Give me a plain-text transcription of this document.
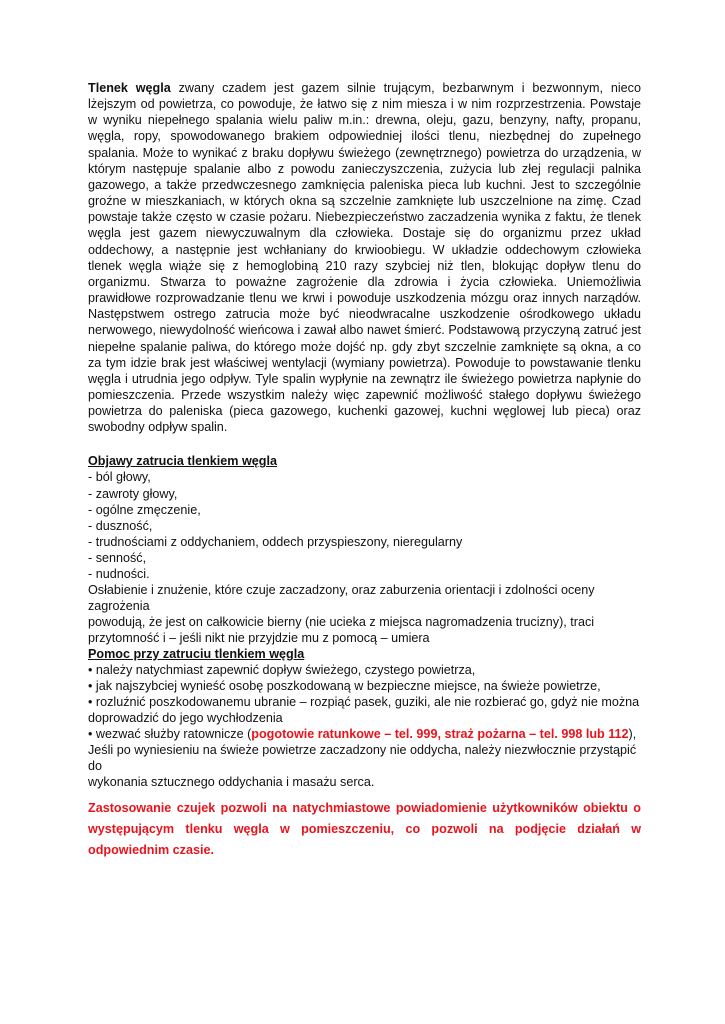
Tlenek węgla zwany czadem jest gazem silnie trującym, bezbarwnym i bezwonnym, nieco lżejszym od powietrza, co powoduje, że łatwo się z nim miesza i w nim rozprzestrzenia. Powstaje w wyniku niepełnego spalania wielu paliw m.in.: drewna, oleju, gazu, benzyny, nafty, propanu, węgla, ropy, spowodowanego brakiem odpowiedniej ilości tlenu, niezbędnej do zupełnego spalania. Może to wynikać z braku dopływu świeżego (zewnętrznego) powietrza do urządzenia, w którym następuje spalanie albo z powodu zanieczyszczenia, zużycia lub złej regulacji palnika gazowego, a także przedwczesnego zamknięcia paleniska pieca lub kuchni. Jest to szczególnie groźne w mieszkaniach, w których okna są szczelnie zamknięte lub uszczelnione na zimę. Czad powstaje także często w czasie pożaru. Niebezpieczeństwo zaczadzenia wynika z faktu, że tlenek węgla jest gazem niewyczuwalnym dla człowieka. Dostaje się do organizmu przez układ oddechowy, a następnie jest wchłaniany do krwioobiegu. W układzie oddechowym człowieka tlenek węgla wiąże się z hemoglobiną 210 razy szybciej niż tlen, blokując dopływ tlenu do organizmu. Stwarza to poważne zagrożenie dla zdrowia i życia człowieka. Uniemożliwia prawidłowe rozprowadzanie tlenu we krwi i powoduje uszkodzenia mózgu oraz innych narządów. Następstwem ostrego zatrucia może być nieodwracalne uszkodzenie ośrodkowego układu nerwowego, niewydolność wieńcowa i zawał albo nawet śmierć. Podstawową przyczyną zatruć jest niepełne spalanie paliwa, do którego może dojść np. gdy zbyt szczelnie zamknięte są okna, a co za tym idzie brak jest właściwej wentylacji (wymiany powietrza). Powoduje to powstawanie tlenku węgla i utrudnia jego odpływ. Tyle spalin wypłynie na zewnątrz ile świeżego powietrza napłynie do pomieszczenia. Przede wszystkim należy więc zapewnić możliwość stałego dopływu świeżego powietrza do paleniska (pieca gazowego, kuchenki gazowej, kuchni węglowej lub pieca) oraz swobodny odpływ spalin.

Objawy zatrucia tlenkiem węgla
- ból głowy,
- zawroty głowy,
- ogólne zmęczenie,
- duszność,
- trudnościami z oddychaniem, oddech przyspieszony, nieregularny
- senność,
- nudności.
Osłabienie i znużenie, które czuje zaczadzony, oraz zaburzenia orientacji i zdolności oceny zagrożenia
powodują, że jest on całkowicie bierny (nie ucieka z miejsca nagromadzenia trucizny), traci
przytomność i – jeśli nikt nie przyjdzie mu z pomocą – umiera
Pomoc przy zatruciu tlenkiem węgla
• należy natychmiast zapewnić dopływ świeżego, czystego powietrza,
• jak najszybciej wynieść osobę poszkodowaną w bezpieczne miejsce, na świeże powietrze,
• rozluźnić poszkodowanemu ubranie – rozpiąć pasek, guziki, ale nie rozbierać go, gdyż nie można
doprowadzić do jego wychłodzenia
• wezwać służby ratownicze (pogotowie ratunkowe – tel. 999, straż pożarna – tel. 998 lub 112),
Jeśli po wyniesieniu na świeże powietrze zaczadzony nie oddycha, należy niezwłocznie przystąpić do
wykonania sztucznego oddychania i masażu serca.
Zastosowanie czujek pozwoli na natychmiastowe powiadomienie użytkowników obiektu o występującym tlenku węgla w pomieszczeniu, co pozwoli na podjęcie działań w odpowiednim czasie.
